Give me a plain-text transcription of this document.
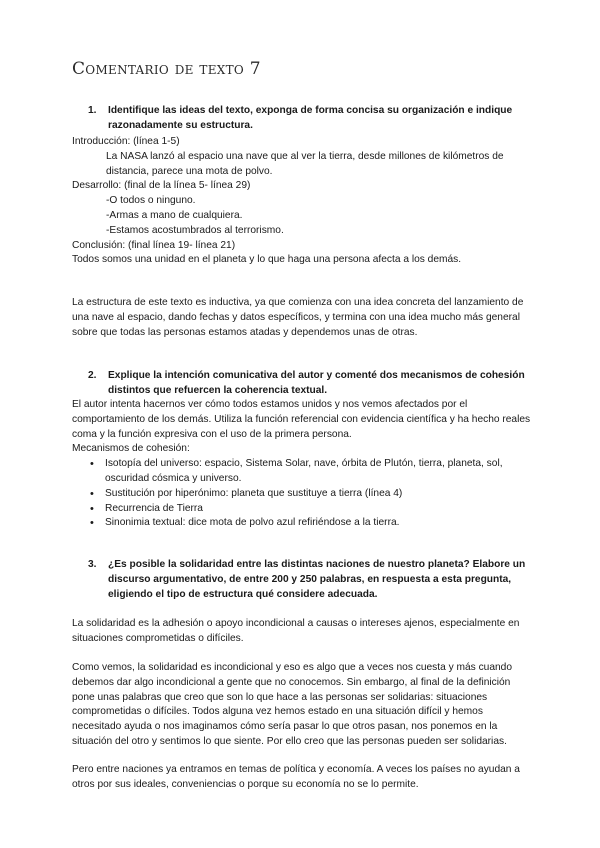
Comentario de texto 7
1. Identifique las ideas del texto, exponga de forma concisa su organización e indique razonadamente su estructura.

Introducción: (línea 1-5)

La NASA lanzó al espacio una nave que al ver la tierra, desde millones de kilómetros de distancia, parece una mota de polvo.

Desarrollo: (final de la línea 5- línea 29)

-O todos o ninguno.

-Armas a mano de cualquiera.

-Estamos acostumbrados al terrorismo.

Conclusión: (final línea 19- línea 21)

Todos somos una unidad en el planeta y lo que haga una persona afecta a los demás.

La estructura de este texto es inductiva, ya que comienza con una idea concreta del lanzamiento de una nave al espacio, dando fechas y datos específicos, y termina con una idea mucho más general sobre que todas las personas estamos atadas y dependemos unas de otras.

2. Explique la intención comunicativa del autor y comenté dos mecanismos de cohesión distintos que refuercen la coherencia textual.

El autor intenta hacernos ver cómo todos estamos unidos y nos vemos afectados por el comportamiento de los demás. Utiliza la función referencial con evidencia científica y ha hecho reales coma y la función expresiva con el uso de la primera persona.

Mecanismos de cohesión:

• Isotopía del universo: espacio, Sistema Solar, nave, órbita de Plutón, tierra, planeta, sol, oscuridad cósmica y universo.
• Sustitución por hiperónimo: planeta que sustituye a tierra (línea 4)
• Recurrencia de Tierra
• Sinonimia textual: dice mota de polvo azul refiriéndose a la tierra.
3. ¿Es posible la solidaridad entre las distintas naciones de nuestro planeta? Elabore un discurso argumentativo, de entre 200 y 250 palabras, en respuesta a esta pregunta, eligiendo el tipo de estructura qué considere adecuada.

La solidaridad es la adhesión o apoyo incondicional a causas o intereses ajenos, especialmente en situaciones comprometidas o difíciles.

Como vemos, la solidaridad es incondicional y eso es algo que a veces nos cuesta y más cuando debemos dar algo incondicional a gente que no conocemos. Sin embargo, al final de la definición pone unas palabras que creo que son lo que hace a las personas ser solidarias: situaciones comprometidas o difíciles. Todos alguna vez hemos estado en una situación difícil y hemos necesitado ayuda o nos imaginamos cómo sería pasar lo que otros pasan, nos ponemos en la situación del otro y sentimos lo que siente. Por ello creo que las personas pueden ser solidarias.

Pero entre naciones ya entramos en temas de política y economía. A veces los países no ayudan a otros por sus ideales, conveniencias o porque su economía no se lo permite.
